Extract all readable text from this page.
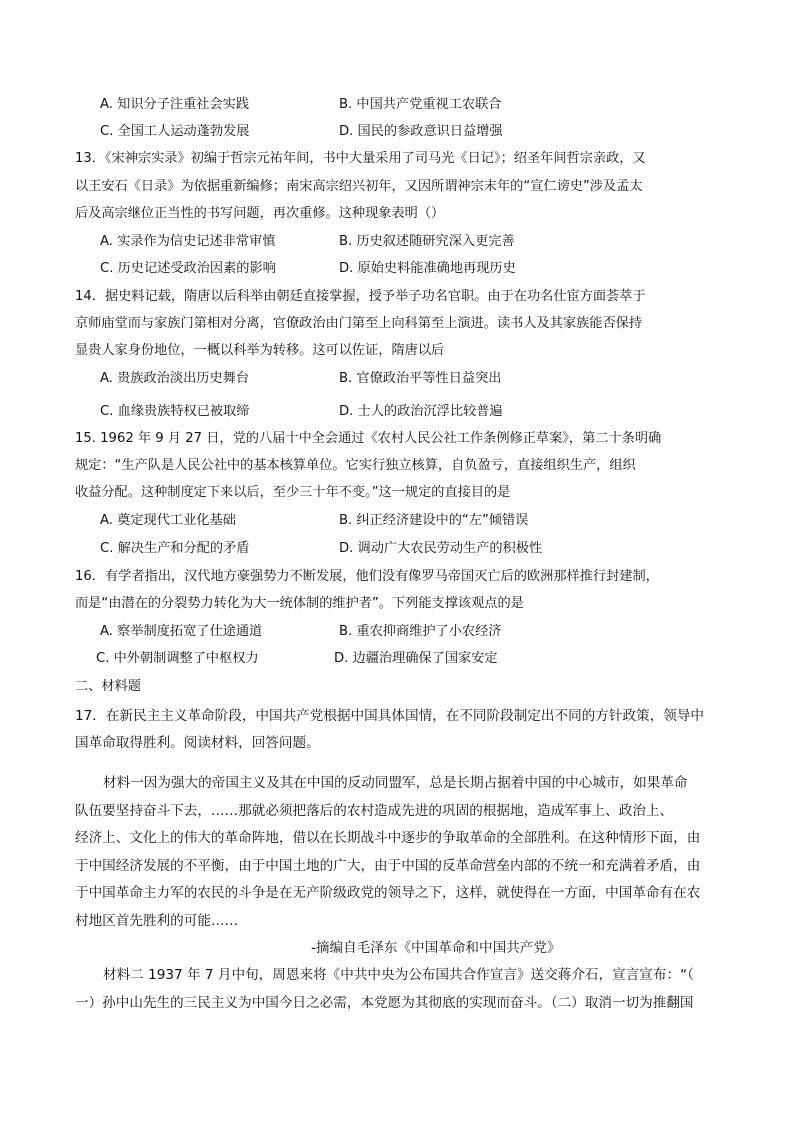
A. 知识分子注重社会实践	B. 中国共产党重视工农联合
C. 全国工人运动蓬勃发展	D. 国民的参政意识日益增强
13．《宋神宗实录》初编于哲宗元祐年间，书中大量采用了司马光《日记》；绍圣年间哲宗亲政，又
以王安石《日录》为依据重新编修；南宋高宗绍兴初年，又因所谓神宗末年的“宣仁谤史”涉及孟太
后及高宗继位正当性的书写问题，再次重修。这种现象表明（）
A. 实录作为信史记述非常审慎	B. 历史叙述随研究深入更完善
C. 历史记述受政治因素的影响	D. 原始史料能准确地再现历史
14．据史料记载，隋唐以后科举由朝廷直接掌握，授予举子功名官职。由于在功名仕宦方面荟萃于
京师庙堂而与家族门第相对分离，官僚政治由门第至上向科第至上演进。读书人及其家族能否保持
显贵人家身份地位，一概以科举为转移。这可以佐证，隋唐以后
A. 贵族政治淡出历史舞台	B. 官僚政治平等性日益突出
C. 血缘贵族特权已被取缔	D. 士人的政治沉浮比较普遍
15. 1962 年 9 月 27 日，党的八届十中全会通过《农村人民公社工作条例修正草案》，第二十条明确
规定：“生产队是人民公社中的基本核算单位。它实行独立核算，自负盈亏，直接组织生产，组织
收益分配。这种制度定下来以后，至少三十年不变。”这一规定的直接目的是
A. 奠定现代工业化基础	B. 纠正经济建设中的“左”倾错误
C. 解决生产和分配的矛盾	D. 调动广大农民劳动生产的积极性
16．有学者指出，汉代地方豪强势力不断发展，他们没有像罗马帝国灭亡后的欧洲那样推行封建制，
而是“由潜在的分裂势力转化为大一统体制的维护者”。下列能支撑该观点的是
A. 察举制度拓宽了仕途通道	B. 重农抑商维护了小农经济
C. 中外朝制调整了中枢权力	D. 边疆治理确保了国家安定
二、材料题
17．在新民主主义革命阶段，中国共产党根据中国具体国情，在不同阶段制定出不同的方针政策，领导中
国革命取得胜利。阅读材料，回答问题。
材料一因为强大的帝国主义及其在中国的反动同盟军，总是长期占据着中国的中心城市，如果革命
队伍要坚持奋斗下去，……那就必须把落后的农村造成先进的巩固的根据地，造成军事上、政治上、
经济上、文化上的伟大的革命阵地，借以在长期战斗中逐步的争取革命的全部胜利。在这种情形下面，由
于中国经济发展的不平衡，由于中国土地的广大，由于中国的反革命营垒内部的不统一和充满着矛盾，由
于中国革命主力军的农民的斗争是在无产阶级政党的领导之下，这样，就使得在一方面，中国革命有在农
村地区首先胜利的可能……
-摘编自毛泽东《中国革命和中国共产党》
材料二 1937 年 7 月中旬，周恩来将《中共中央为公布国共合作宣言》送交蒋介石，宣言宣布：“（
一）孙中山先生的三民主义为中国今日之必需，本党愿为其彻底的实现而奋斗。（二）取消一切为推翻国
